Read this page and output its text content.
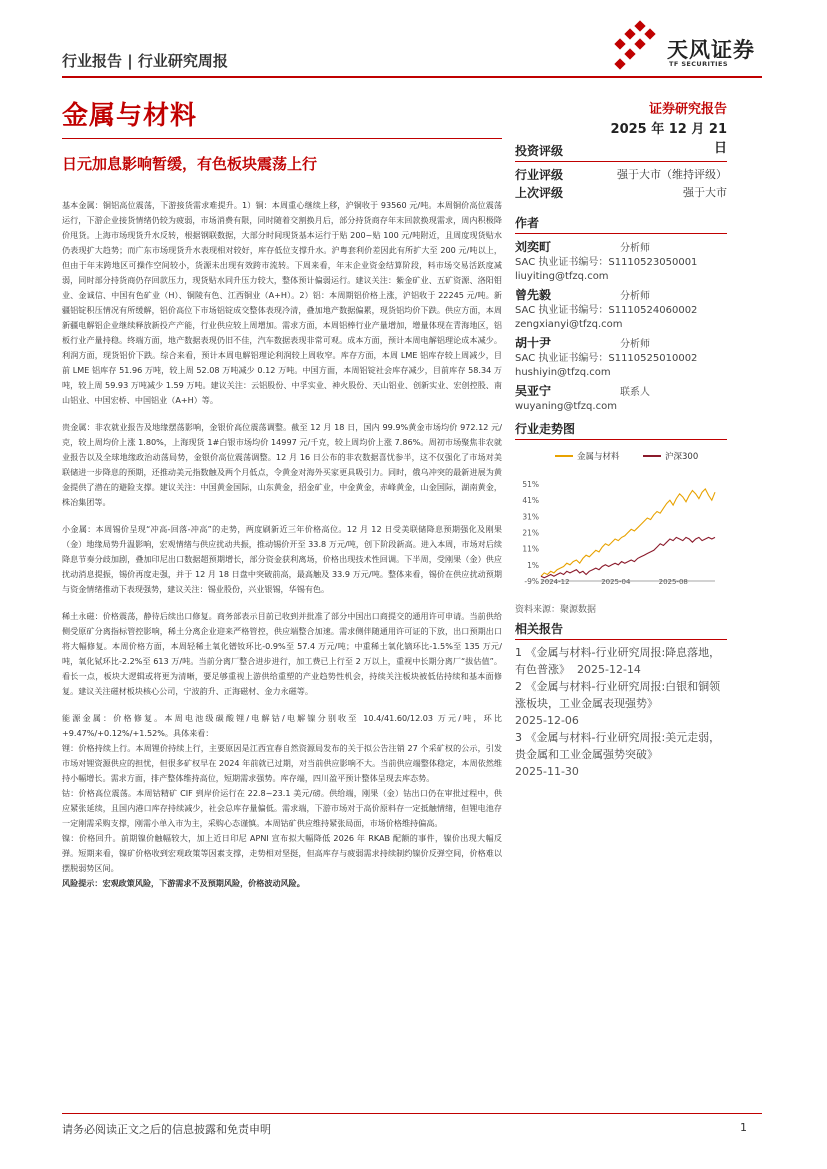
行业报告 | 行业研究周报	天风证券
TF SECURITIES
金属与材料	证券研究报告
2025 年 12 月 21 日
日元加息影响暂缓，有色板块震荡上行

基本金属：铜铝高位震荡，下游接货需求难提升。1）铜：本周重心继续上移，沪铜收于 93560 元/吨。本周铜价高位震荡运行，下游企业接货情绪仍较为疲弱，市场消费有限，同时随着交割换月后，部分持货商存年末回款换现需求，周内积极降价甩货。上海市场现货升水反转，根据钢联数据，大部分时间现货基本运行于贴 200~贴 100 元/吨附近，且周度现货贴水仍表现扩大趋势；而广东市场现货升水表现相对较好，库存低位支撑升水。沪粤套利价差因此有所扩大至 200 元/吨以上，但由于年末跨地区可操作空间较小，货源未出现有效跨市流转。下周来看，年末企业资金结算阶段，料市场交易活跃度减弱，同时部分持货商仍存回款压力，现货贴水同升压力较大，整体预计偏弱运行。建议关注：紫金矿业、五矿资源、洛阳钼业、金诚信、中国有色矿业（H）、铜陵有色、江西铜业（A+H）。2）铝：本周期铝价格上涨，沪铝收于 22245 元/吨。新疆铝锭积压情况有所缓解，铝价高位下市场铝锭成交整体表现冷清，叠加地产数据偏累，现货铝均价下跌。供应方面，本周新疆电解铝企业继续释放新投产产能，行业供应较上周增加。需求方面，本周铝棒行业产量增加，增量体现在青海地区，铝板行业产量持稳。终端方面，地产数据表现仍旧不佳，汽车数据表现非常可观。成本方面，预计本周电解铝理论成本减少。利润方面，现货铝价下跌。综合来看，预计本周电解铝理论利润较上周收窄。库存方面，本周 LME 铝库存较上周减少，目前 LME 铝库存 51.96 万吨，较上周 52.08 万吨减少 0.12 万吨。中国方面，本周铝锭社会库存减少，目前库存 58.34 万吨，较上周 59.93 万吨减少 1.59 万吨。建议关注：云铝股份、中孚实业、神火股份、天山铝业、创新实业、宏创控股、南山铝业、中国宏桥、中国铝业（A+H）等。

贵金属：非农就业报告及地缘摆荡影响，金银价高位震荡调整。截至 12 月 18 日，国内 99.9%黄金市场均价 972.12 元/克，较上周均价上涨 1.80%，上海现货 1#白银市场均价 14997 元/千克，较上周均价上涨 7.86%。周初市场聚焦非农就业报告以及全球地缘政治动荡局势，金银价高位震荡调整。12 月 16 日公布的非农数据喜忧参半，这不仅强化了市场对美联储进一步降息的预期，还推动美元指数触及两个月低点，令黄金对海外买家更具吸引力。同时，俄乌冲突的最新进展为黄金提供了潜在的避险支撑。建议关注：中国黄金国际，山东黄金，招金矿业，中金黄金，赤峰黄金，山金国际，湖南黄金，株冶集团等。

小金属：本周锡价呈现“冲高-回落-冲高”的走势，两度刷新近三年价格高位。12 月 12 日受美联储降息预期强化及刚果（金）地缘局势升温影响，宏观情绪与供应扰动共振，推动锡价开至 33.8 万元/吨，创下阶段新高。进入本周，市场对后续降息节奏分歧加剧，叠加印尼出口数据超预期增长，部分资金获利离场，价格出现技术性回调。下半周，受刚果（金）供应扰动消息提振，锡价再度走强，并于 12 月 18 日盘中突破前高，最高触及 33.9 万元/吨。整体来看，锡价在供应扰动预期与资金情绪推动下表现强势，建议关注：锡业股份，兴业银锡，华锡有色。

稀土永磁：价格震荡，静待后续出口修复。商务部表示目前已收到并批准了部分中国出口商提交的通用许可申请。当前供给侧受原矿分离指标管控影响，稀土分离企业迎来严格管控，供应端整合加速。需求侧伴随通用许可证的下放，出口预期出口将大幅修复。本周价格方面，本周轻稀土氧化镨钕环比-0.9%至 57.4 万元/吨；中重稀土氧化镝环比-1.5%至 135 万元/吨，氧化铽环比-2.2%至 613 万/吨。当前分离厂整合进步进行，加工费已上行至 2 万以上，重视中长期分离厂“拔估值”。看长一点，板块大逻辑或将更为清晰，要足够重视上游供给重塑的产业趋势性机会，持续关注板块被低估持续和基本面修复。建议关注磁材板块核心公司，宁波韵升、正海磁材、金力永磁等。

能源金属：价格修复。本周电池级碳酸锂/电解钴/电解镍分别收至 10.4/41.60/12.03 万元/吨，环比+9.47%/+0.12%/+1.52%。具体来看：
锂：价格持续上行。本周锂价持续上行，主要原因是江西宜春自然资源局发布的关于拟公告注销 27 个采矿权的公示，引发市场对锂资源供应的担忧，但很多矿权早在 2024 年前就已过期，对当前供应影响不大。当前供应端整体稳定，本周依然维持小幅增长。需求方面，排产整体维持高位，短期需求强势。库存端，四川盈平预计整体呈现去库态势。
钴：价格高位震荡。本周钴精矿 CIF 到岸价运行在 22.8~23.1 美元/磅。供给端，刚果（金）钴出口仍在审批过程中，供应紧张延续，且国内港口库存持续减少，社会总库存量偏低。需求端，下游市场对于高价原料存一定抵触情绪，但锂电池存一定刚需采购支撑，刚需小单入市为主，采购心态谨慎。本周钴矿供应维持紧张局面，市场价格维持偏高。
镍：价格回升。前期镍价触幅较大，加上近日印尼 APNI 宣布拟大幅降低 2026 年 RKAB 配额的事件，镍价出现大幅反弹。短期来看，镍矿价格收到宏观政策等因素支撑，走势相对坚挺，但高库存与疲弱需求持续制约镍价反弹空间，价格难以摆脱弱势区间。
风险提示：宏观政策风险，下游需求不及预期风险，价格波动风险。
投资评级
行业评级	强于大市（维持评级）
上次评级	强于大市
作者
刘奕町	分析师
SAC 执业证书编号：S1110523050001
liuyiting@tfzq.com
曾先毅	分析师
SAC 执业证书编号：S1110524060002
zengxianyi@tfzq.com
胡十尹	分析师
SAC 执业证书编号：S1110525010002
hushiyin@tfzq.com
吴亚宁	联系人
wuyaning@tfzq.com
行业走势图
金属与材料	沪深300
51%
41%
31%
21%
11%
1%
-9% 2024-12	2025-04	2025-08
资料来源：聚源数据
相关报告
1 《金属与材料-行业研究周报:降息落地，有色普涨》 2025-12-14
2 《金属与材料-行业研究周报:白银和铜领涨板块，工业金属表现强势》
2025-12-06
3 《金属与材料-行业研究周报:美元走弱，贵金属和工业金属强势突破》
2025-11-30
请务必阅读正文之后的信息披露和免责申明	1
